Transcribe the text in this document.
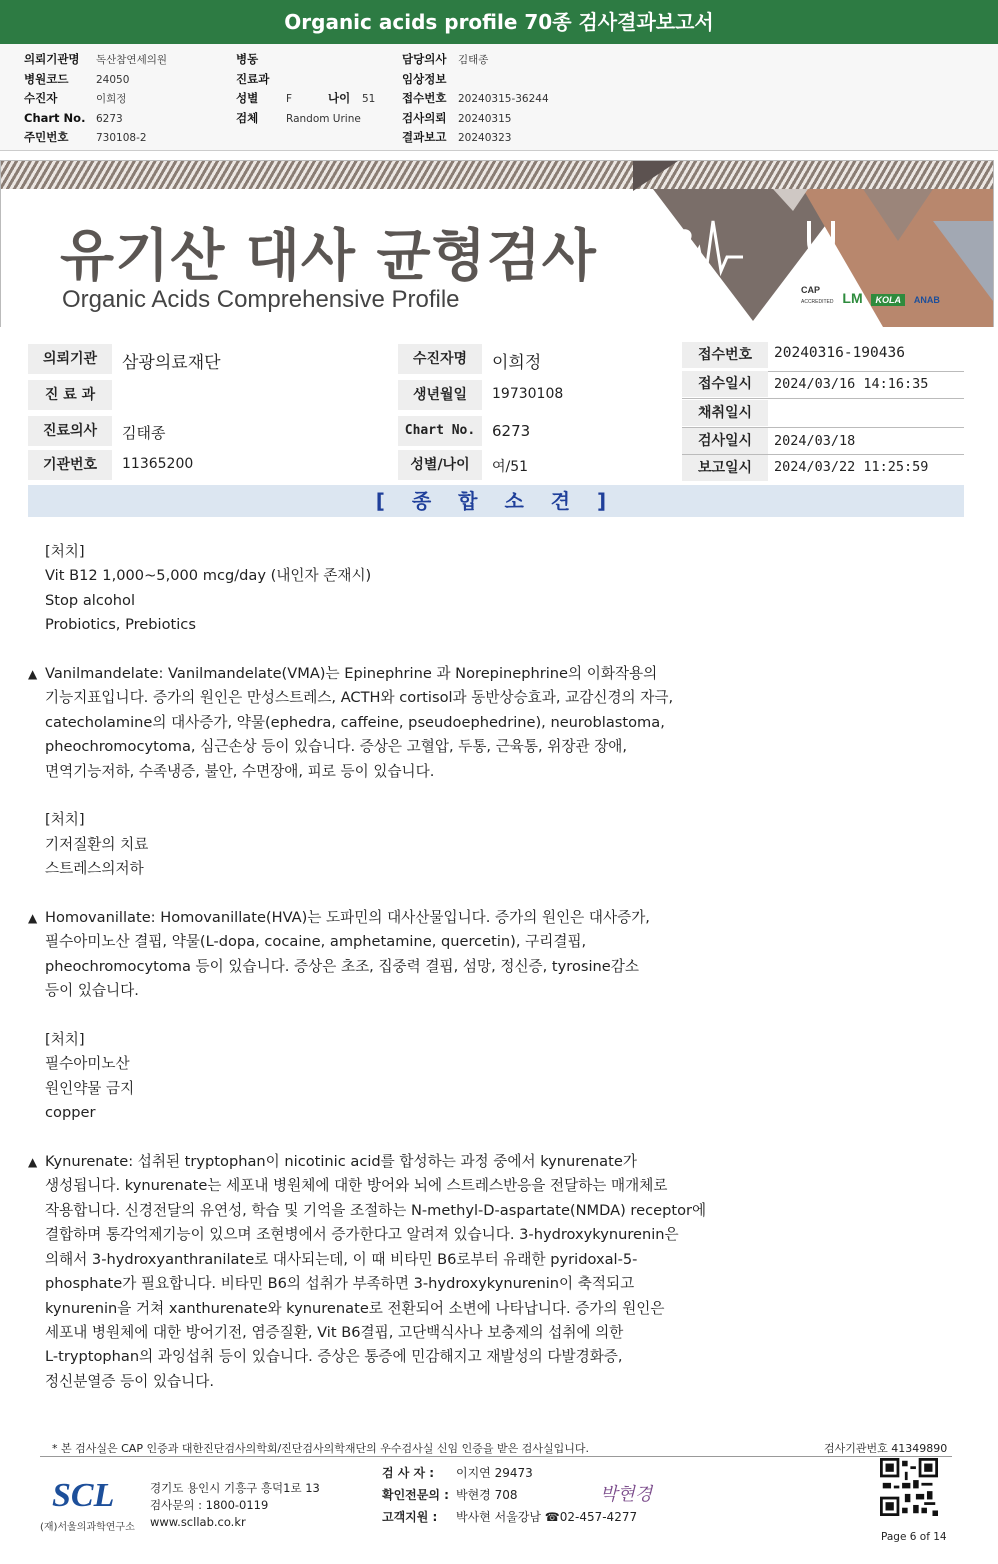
Organic acids profile 70종 검사결과보고서
의뢰기관명 독산참연세의원
병원코드	24050
수진자	이희정
Chart No. 6273
주민번호	730108-2
병동
진료과
성별	F	나이 51
검체	Random Urine
담당의사 김태종
임상정보
접수번호 20240315-36244
검사의뢰 20240315
결과보고 20240323
CAP
ACCREDITED LM KOLA ANAB
유기산 대사 균형검사
Organic Acids Comprehensive Profile
의뢰기관	삼광의료재단
진 료 과
진료의사	김태종
기관번호	11365200
수진자명	이희정
생년월일	19730108
Chart No.	6273
성별/나이	여/51
접수번호	20240316-190436
접수일시	2024/03/16 14:16:35
채취일시
검사일시	2024/03/18
보고일시	2024/03/22 11:25:59
[ 종 합 소 견 ]

[처치]

Vit B12 1,000~5,000 mcg/day (내인자 존재시)

Stop alcohol

Probiotics, Prebiotics

▲ Vanilmandelate: Vanilmandelate(VMA)는 Epinephrine 과 Norepinephrine의 이화작용의

기능지표입니다. 증가의 원인은 만성스트레스, ACTH와 cortisol과 동반상승효과, 교감신경의 자극,

catecholamine의 대사증가, 약물(ephedra, caffeine, pseudoephedrine), neuroblastoma,

pheochromocytoma, 심근손상 등이 있습니다. 증상은 고혈압, 두통, 근육통, 위장관 장애,

면역기능저하, 수족냉증, 불안, 수면장애, 피로 등이 있습니다.

[처치]

기저질환의 치료

스트레스의저하

▲ Homovanillate: Homovanillate(HVA)는 도파민의 대사산물입니다. 증가의 원인은 대사증가,

필수아미노산 결핍, 약물(L-dopa, cocaine, amphetamine, quercetin), 구리결핍,

pheochromocytoma 등이 있습니다. 증상은 초조, 집중력 결핍, 섬망, 정신증, tyrosine감소

등이 있습니다.

[처치]

필수아미노산

원인약물 금지

copper

▲ Kynurenate: 섭취된 tryptophan이 nicotinic acid를 합성하는 과정 중에서 kynurenate가

생성됩니다. kynurenate는 세포내 병원체에 대한 방어와 뇌에 스트레스반응을 전달하는 매개체로

작용합니다. 신경전달의 유연성, 학습 및 기억을 조절하는 N-methyl-D-aspartate(NMDA) receptor에

결합하며 통각억제기능이 있으며 조현병에서 증가한다고 알려져 있습니다. 3-hydroxykynurenin은

의해서 3-hydroxyanthranilate로 대사되는데, 이 때 비타민 B6로부터 유래한 pyridoxal-5-

phosphate가 필요합니다. 비타민 B6의 섭취가 부족하면 3-hydroxykynurenin이 축적되고

kynurenin을 거쳐 xanthurenate와 kynurenate로 전환되어 소변에 나타납니다. 증가의 원인은

세포내 병원체에 대한 방어기전, 염증질환, Vit B6결핍, 고단백식사나 보충제의 섭취에 의한

L-tryptophan의 과잉섭취 등이 있습니다. 증상은 통증에 민감해지고 재발성의 다발경화증,

정신분열증 등이 있습니다.

* 본 검사실은 CAP 인증과 대한진단검사의학회/진단검사의학재단의 우수검사실 신임 인증을 받은 검사실입니다.	검사기관번호 41349890
SCL
(재)서울의과학연구소
경기도 용인시 기흥구 흥덕1로 13
검사문의 : 1800-0119
www.scllab.co.kr
검 사 자 : 이지연 29473
확인전문의 : 박현경 708
고객지원 : 박사현 서울강남 ☎02-457-4277
박현경
Page 6 of 14
